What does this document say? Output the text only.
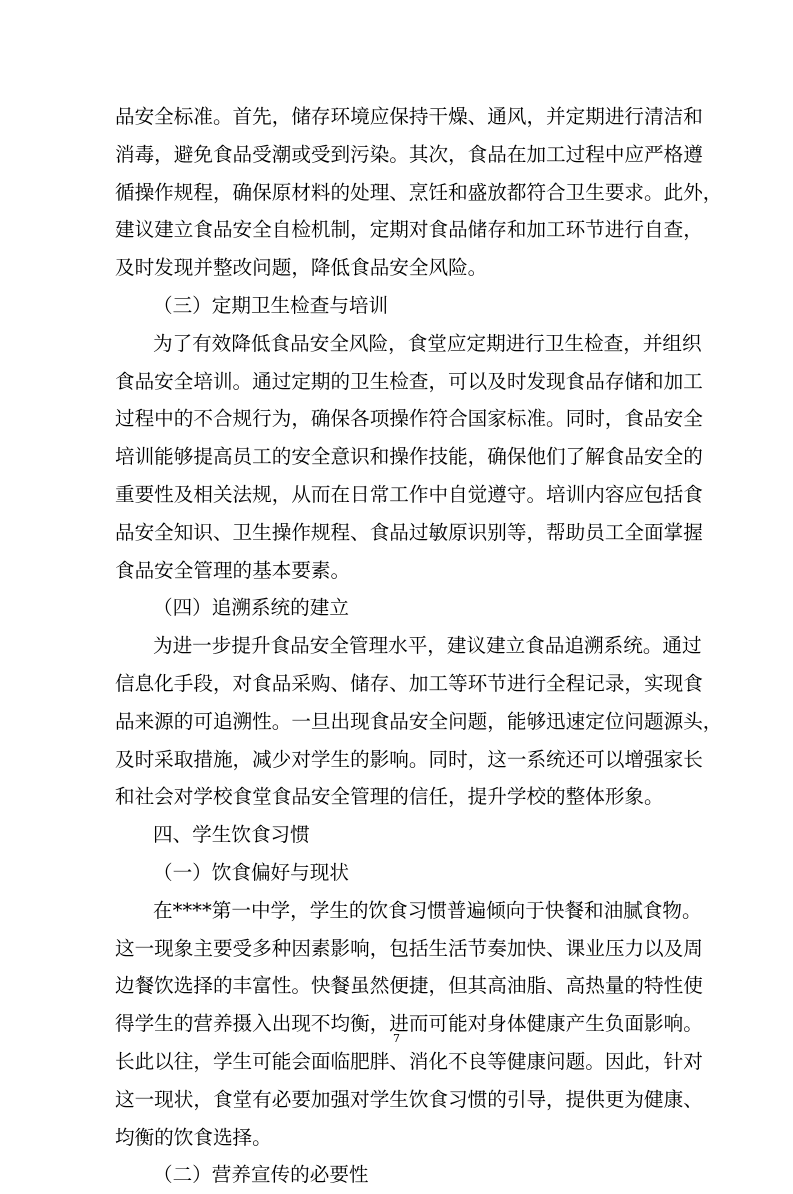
品安全标准。首先，储存环境应保持干燥、通风，并定期进行清洁和
消毒，避免食品受潮或受到污染。其次，食品在加工过程中应严格遵
循操作规程，确保原材料的处理、烹饪和盛放都符合卫生要求。此外，
建议建立食品安全自检机制，定期对食品储存和加工环节进行自查，
及时发现并整改问题，降低食品安全风险。
（三）定期卫生检查与培训
为了有效降低食品安全风险，食堂应定期进行卫生检查，并组织
食品安全培训。通过定期的卫生检查，可以及时发现食品存储和加工
过程中的不合规行为，确保各项操作符合国家标准。同时，食品安全
培训能够提高员工的安全意识和操作技能，确保他们了解食品安全的
重要性及相关法规，从而在日常工作中自觉遵守。培训内容应包括食
品安全知识、卫生操作规程、食品过敏原识别等，帮助员工全面掌握
食品安全管理的基本要素。
（四）追溯系统的建立
为进一步提升食品安全管理水平，建议建立食品追溯系统。通过
信息化手段，对食品采购、储存、加工等环节进行全程记录，实现食
品来源的可追溯性。一旦出现食品安全问题，能够迅速定位问题源头，
及时采取措施，减少对学生的影响。同时，这一系统还可以增强家长
和社会对学校食堂食品安全管理的信任，提升学校的整体形象。
四、学生饮食习惯
（一）饮食偏好与现状
在****第一中学，学生的饮食习惯普遍倾向于快餐和油腻食物。
这一现象主要受多种因素影响，包括生活节奏加快、课业压力以及周
边餐饮选择的丰富性。快餐虽然便捷，但其高油脂、高热量的特性使
得学生的营养摄入出现不均衡，进而可能对身体健康产生负面影响。
长此以往，学生可能会面临肥胖、消化不良等健康问题。因此，针对
这一现状，食堂有必要加强对学生饮食习惯的引导，提供更为健康、
均衡的饮食选择。
（二）营养宣传的必要性
7
